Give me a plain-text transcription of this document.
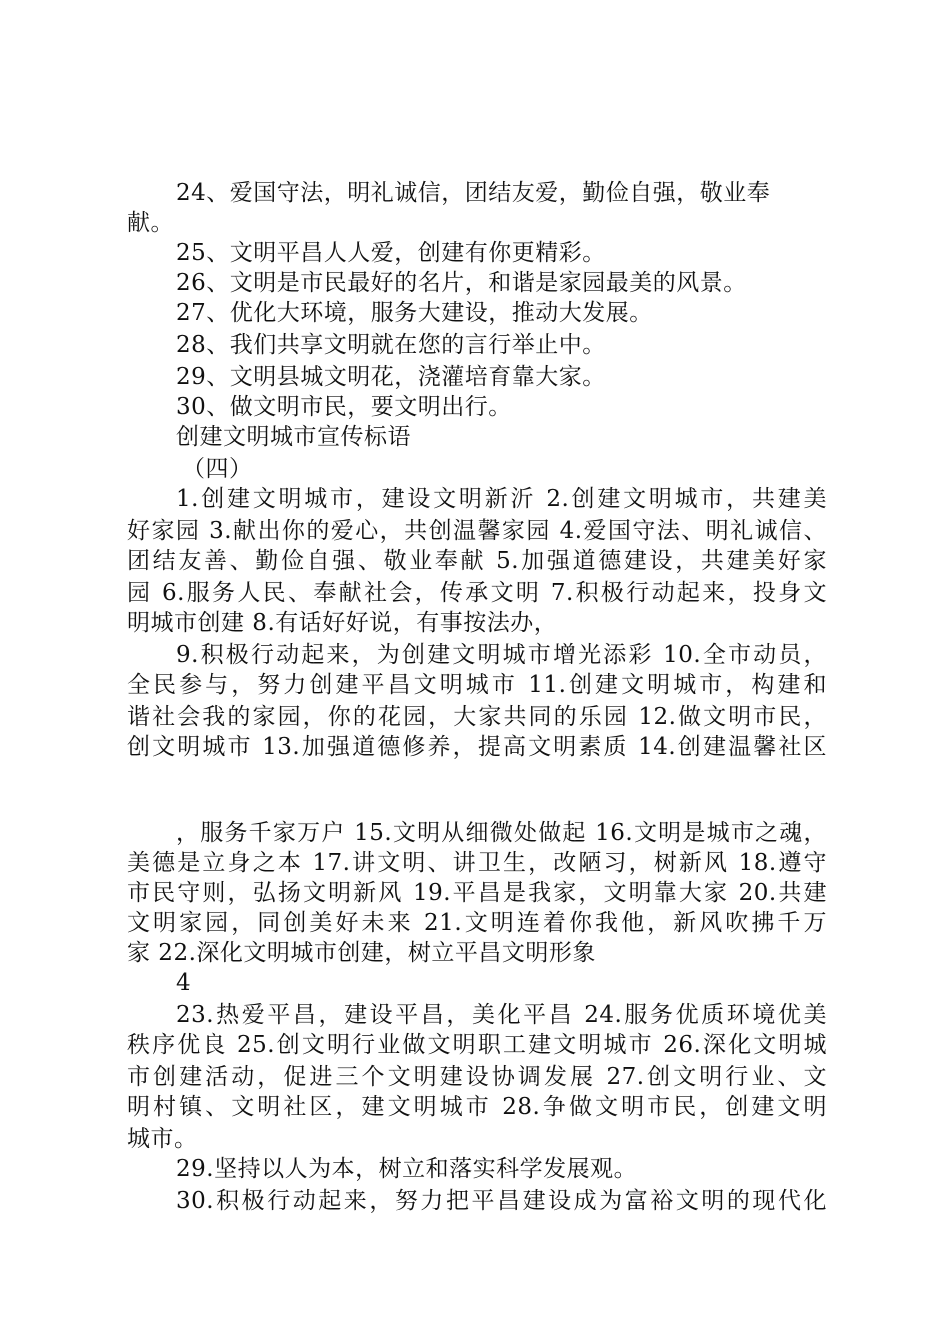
24、爱国守法，明礼诚信，团结友爱，勤俭自强，敬业奉
献。
25、文明平昌人人爱，创建有你更精彩。
26、文明是市民最好的名片，和谐是家园最美的风景。
27、优化大环境，服务大建设，推动大发展。
28、我们共享文明就在您的言行举止中。
29、文明县城文明花，浇灌培育靠大家。
30、做文明市民，要文明出行。
创建文明城市宣传标语
（四）
1.创建文明城市，建设文明新沂 2.创建文明城市，共建美
好家园 3.献出你的爱心，共创温馨家园 4.爱国守法、明礼诚信、
团结友善、勤俭自强、敬业奉献 5.加强道德建设，共建美好家
园 6.服务人民、奉献社会，传承文明 7.积极行动起来，投身文
明城市创建 8.有话好好说，有事按法办，
9.积极行动起来，为创建文明城市增光添彩 10.全市动员，
全民参与，努力创建平昌文明城市 11.创建文明城市，构建和
谐社会我的家园，你的花园，大家共同的乐园 12.做文明市民，
创文明城市 13.加强道德修养，提高文明素质 14.创建温馨社区
，服务千家万户 15.文明从细微处做起 16.文明是城市之魂，
美德是立身之本 17.讲文明、讲卫生，改陋习，树新风 18.遵守
市民守则，弘扬文明新风 19.平昌是我家，文明靠大家 20.共建
文明家园，同创美好未来 21.文明连着你我他，新风吹拂千万
家 22.深化文明城市创建，树立平昌文明形象
4
23.热爱平昌，建设平昌，美化平昌 24.服务优质环境优美
秩序优良 25.创文明行业做文明职工建文明城市 26.深化文明城
市创建活动，促进三个文明建设协调发展 27.创文明行业、文
明村镇、文明社区，建文明城市 28.争做文明市民，创建文明
城市。
29.坚持以人为本，树立和落实科学发展观。
30.积极行动起来，努力把平昌建设成为富裕文明的现代化
